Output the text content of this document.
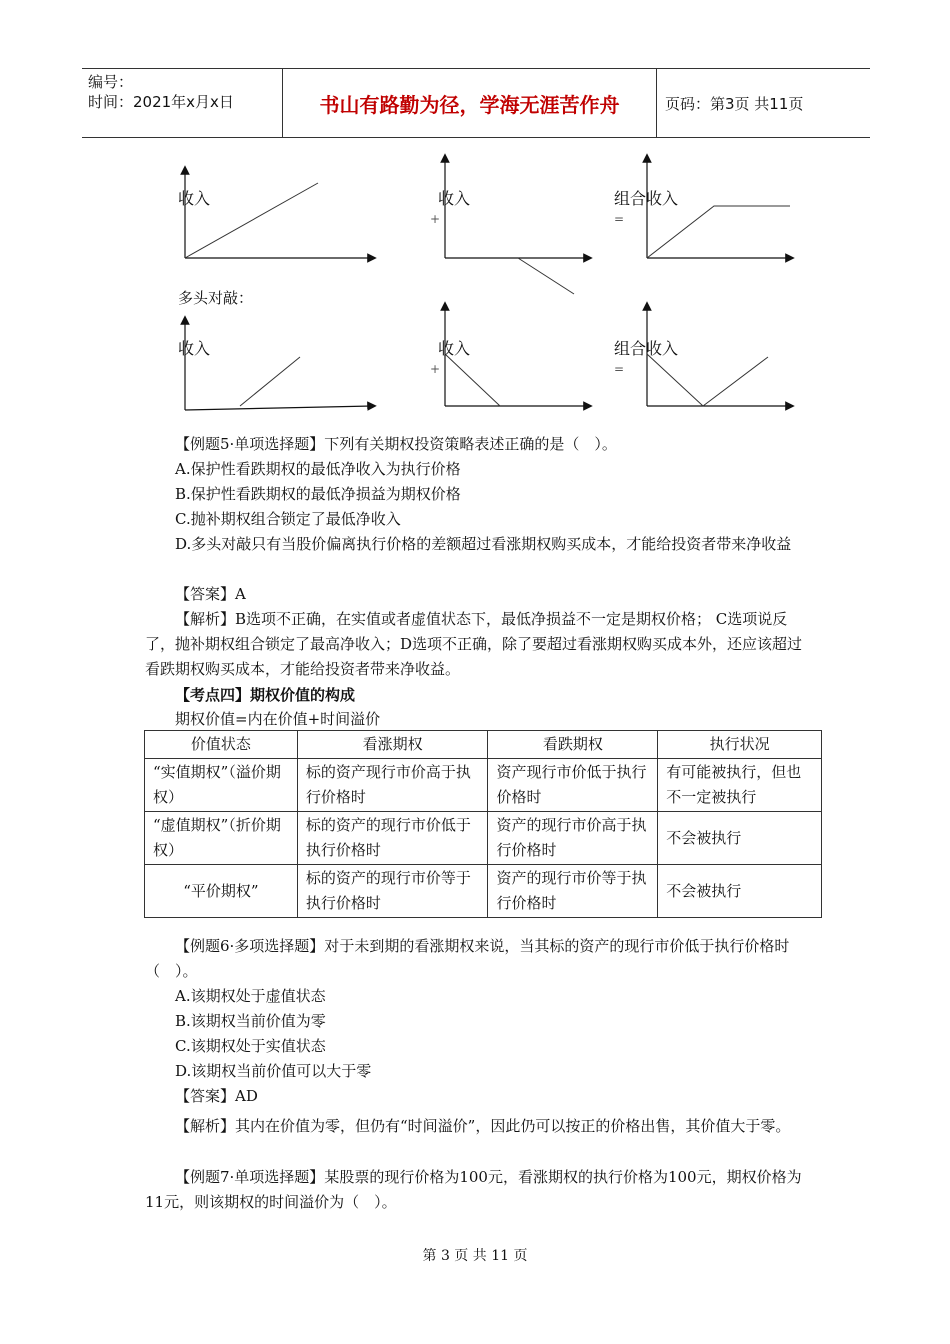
编号：
时间：2021年x月x日	书山有路勤为径，学海无涯苦作舟	页码：第3页 共11页
收入	收入
+
组合收入
=
多头对敲：
收入	收入
+
组合收入
=
【例题5·单项选择题】下列有关期权投资策略表述正确的是（　）。
A.保护性看跌期权的最低净收入为执行价格
B.保护性看跌期权的最低净损益为期权价格
C.抛补期权组合锁定了最低净收入
D.多头对敲只有当股价偏离执行价格的差额超过看涨期权购买成本，才能给投资者带来净收益
【答案】A
【解析】B选项不正确，在实值或者虚值状态下，最低净损益不一定是期权价格； C选项说反了，抛补期权组合锁定了最高净收入；D选项不正确，除了要超过看涨期权购买成本外，还应该超过看跌期权购买成本，才能给投资者带来净收益。
【考点四】期权价值的构成
期权价值=内在价值+时间溢价
价值状态	看涨期权	看跌期权	执行状况
“实值期权”（溢价期权）	标的资产现行市价高于执行价格时	资产现行市价低于执行价格时	有可能被执行，但也不一定被执行
“虚值期权”（折价期权）	标的资产的现行市价低于执行价格时	资产的现行市价高于执行价格时	不会被执行
“平价期权”	标的资产的现行市价等于执行价格时	资产的现行市价等于执行价格时	不会被执行
【例题6·多项选择题】对于未到期的看涨期权来说，当其标的资产的现行市价低于执行价格时（　）。
A.该期权处于虚值状态
B.该期权当前价值为零
C.该期权处于实值状态
D.该期权当前价值可以大于零
【答案】AD
【解析】其内在价值为零，但仍有“时间溢价”，因此仍可以按正的价格出售，其价值大于零。
【例题7·单项选择题】某股票的现行价格为100元，看涨期权的执行价格为100元，期权价格为11元，则该期权的时间溢价为（　）。
第 3 页 共 11 页
